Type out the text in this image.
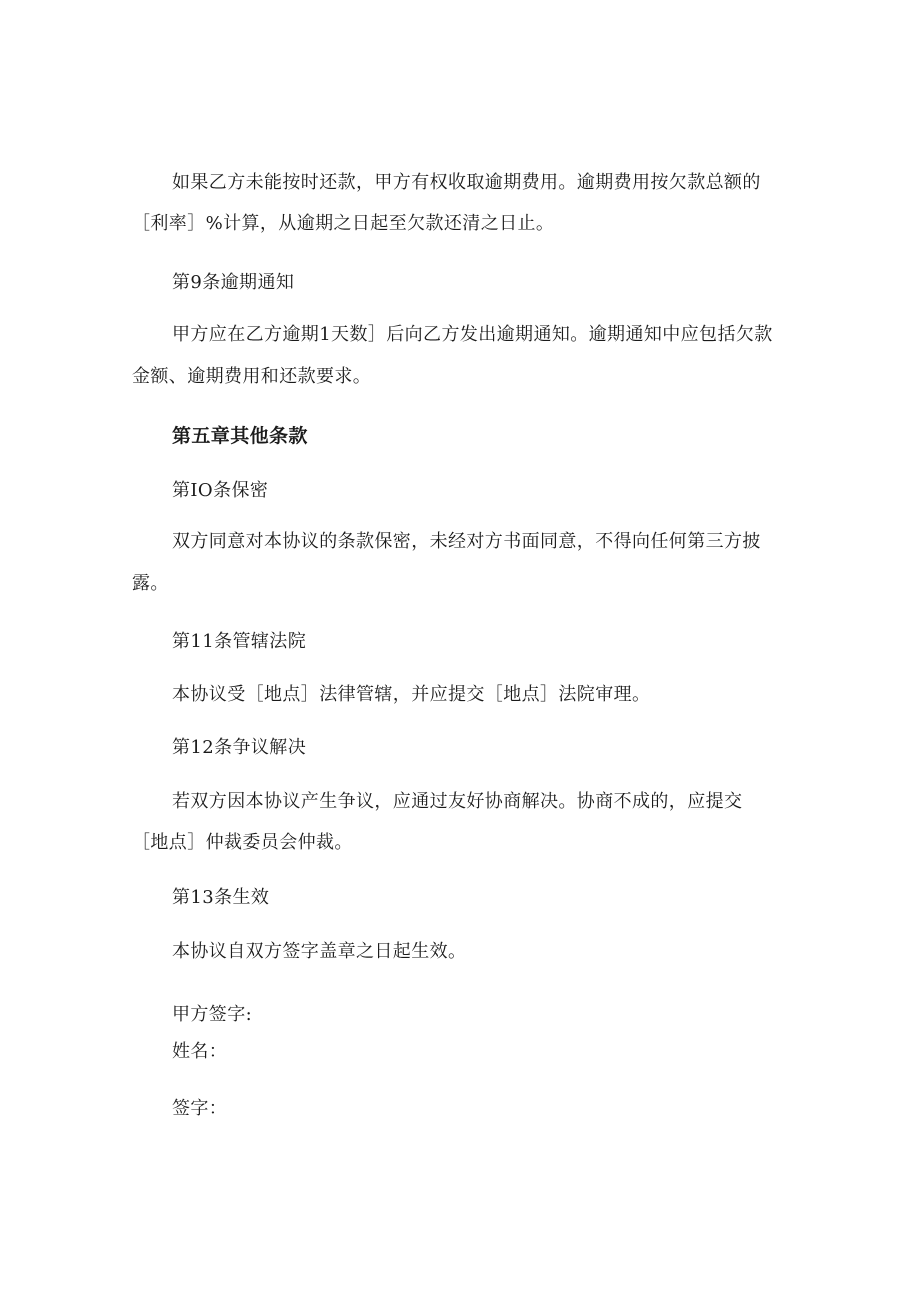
如果乙方未能按时还款，甲方有权收取逾期费用。逾期费用按欠款总额的
［利率］%计算，从逾期之日起至欠款还清之日止。
第9条逾期通知
甲方应在乙方逾期1天数］后向乙方发出逾期通知。逾期通知中应包括欠款
金额、逾期费用和还款要求。
第五章其他条款
第IO条保密
双方同意对本协议的条款保密，未经对方书面同意，不得向任何第三方披
露。
第11条管辖法院
本协议受［地点］法律管辖，并应提交［地点］法院审理。
第12条争议解决
若双方因本协议产生争议，应通过友好协商解决。协商不成的，应提交
［地点］仲裁委员会仲裁。
第13条生效
本协议自双方签字盖章之日起生效。
甲方签字:
姓名：
签字：
